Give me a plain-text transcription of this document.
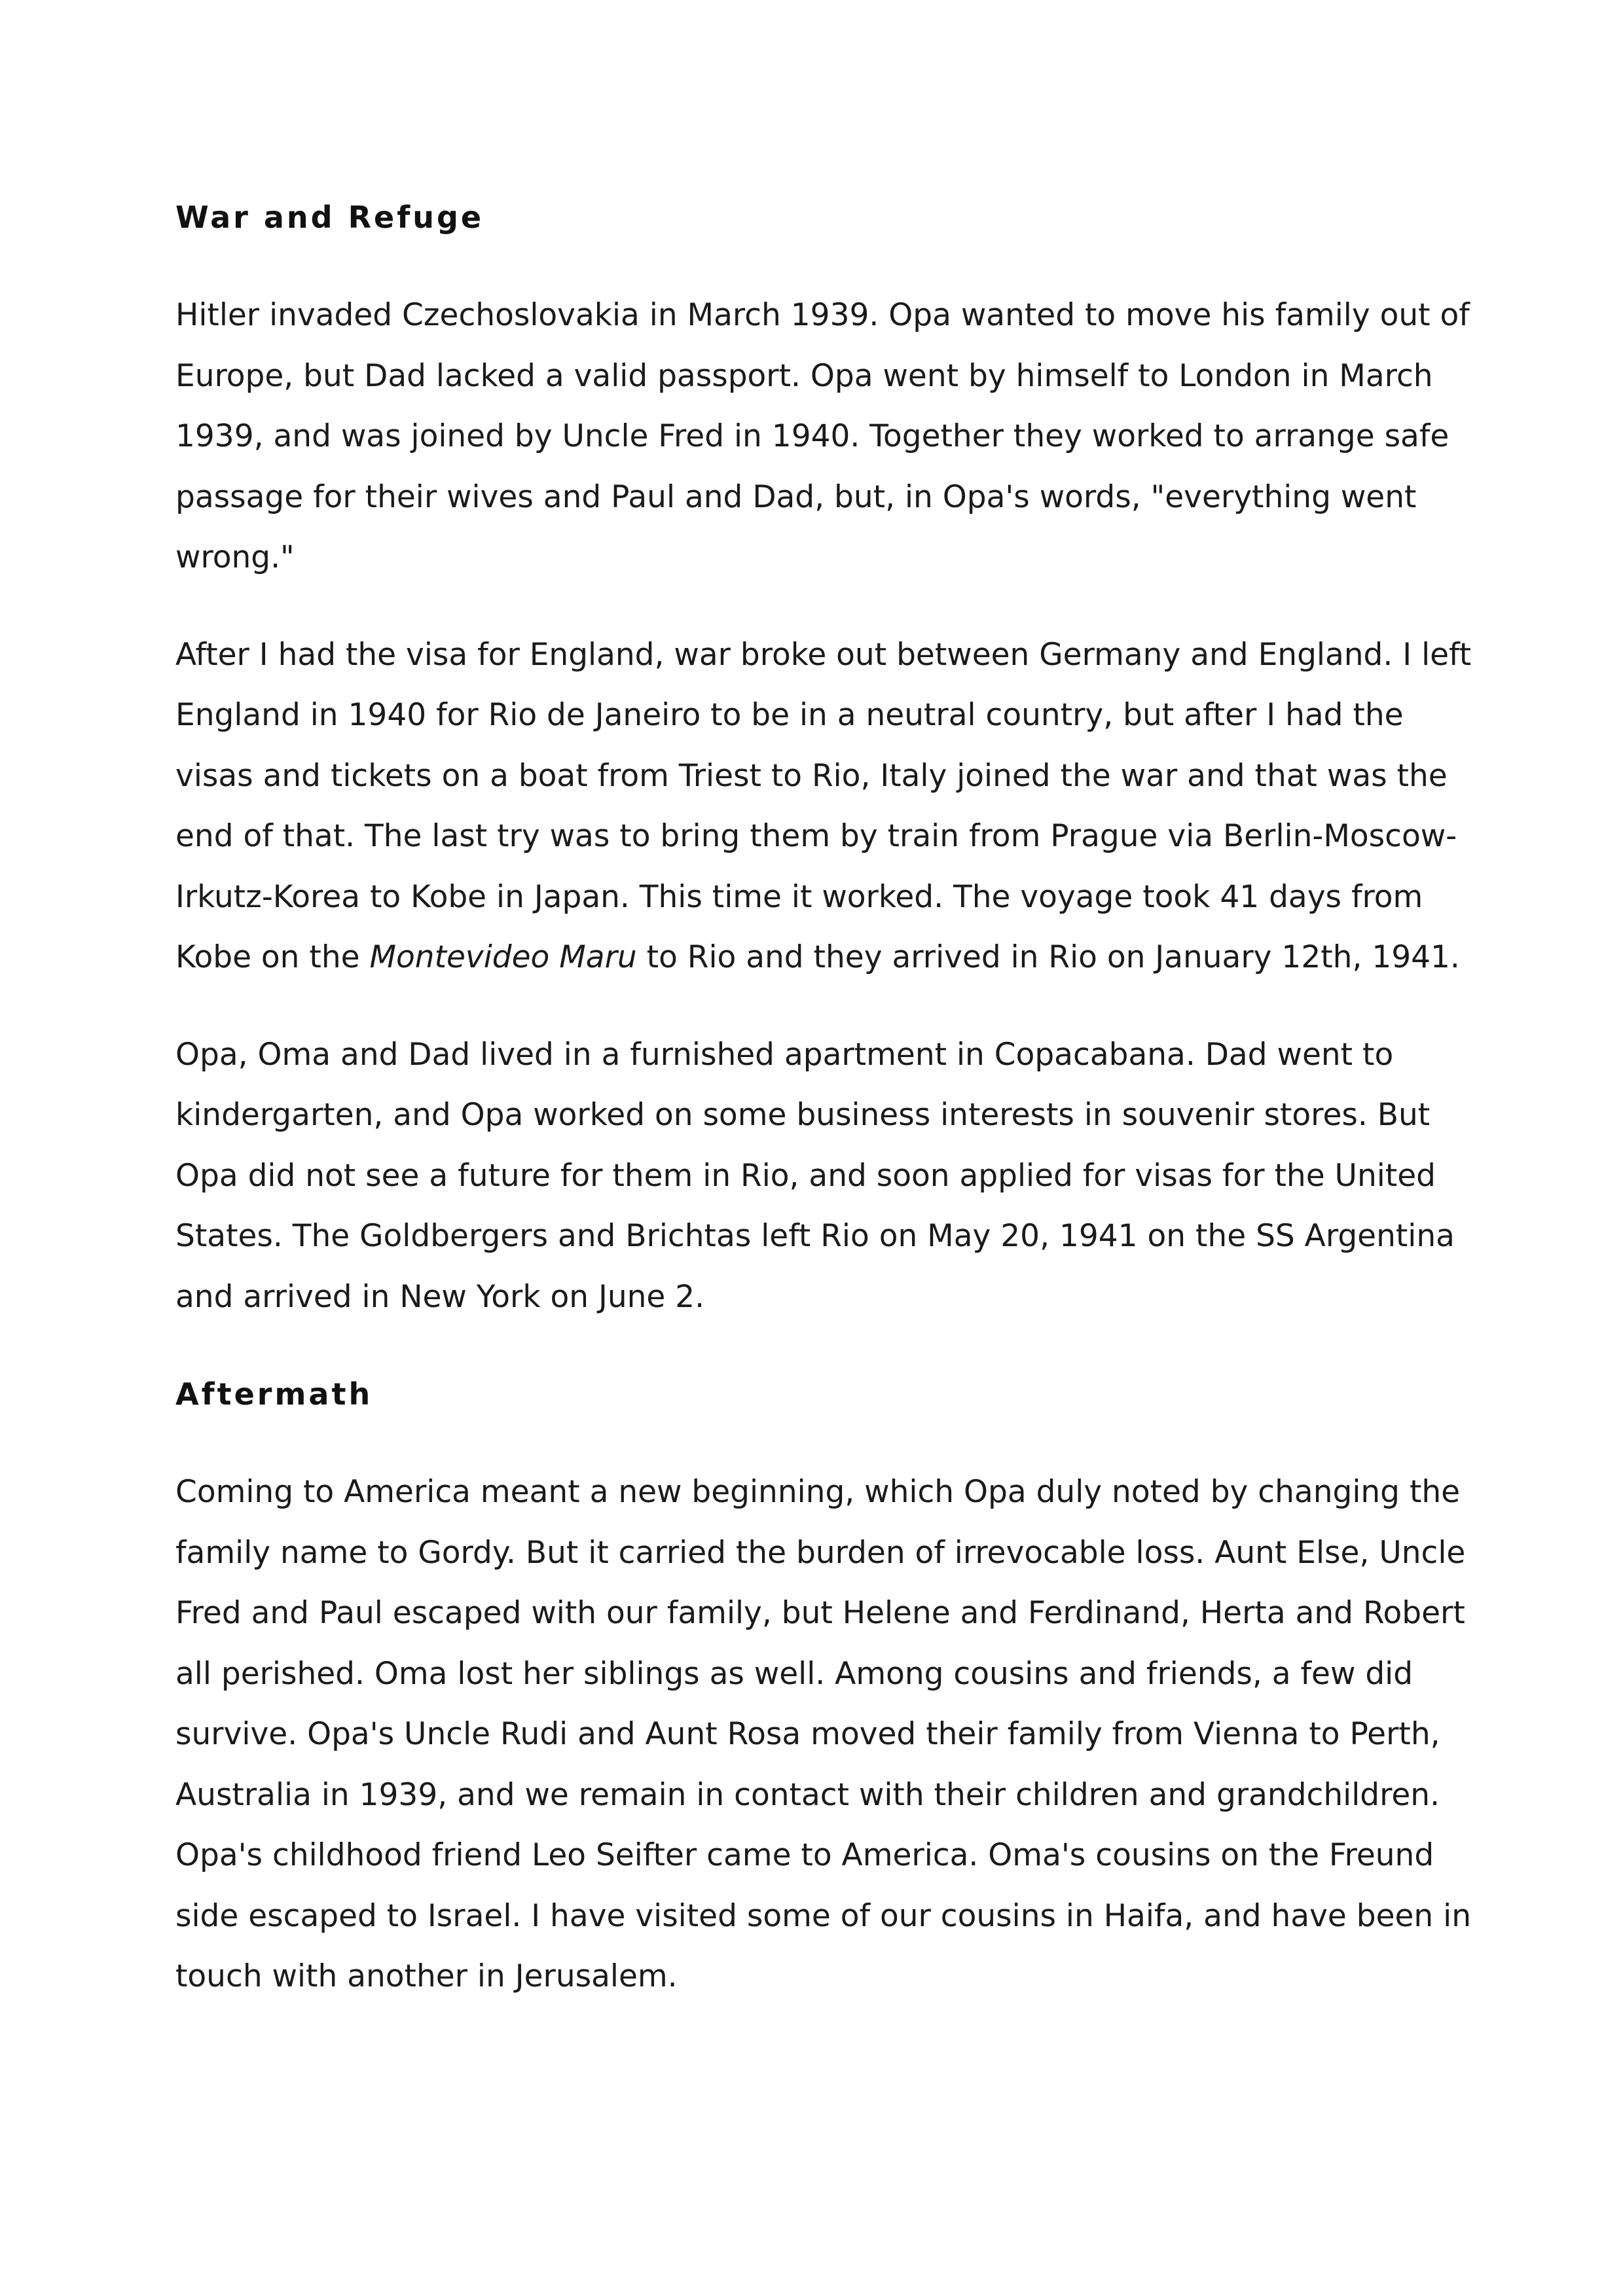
War and Refuge

Hitler invaded Czechoslovakia in March 1939. Opa wanted to move his family out of Europe, but Dad lacked a valid passport. Opa went by himself to London in March 1939, and was joined by Uncle Fred in 1940. Together they worked to arrange safe passage for their wives and Paul and Dad, but, in Opa's words, "everything went wrong."

After I had the visa for England, war broke out between Germany and England. I left England in 1940 for Rio de Janeiro to be in a neutral country, but after I had the visas and tickets on a boat from Triest to Rio, Italy joined the war and that was the end of that. The last try was to bring them by train from Prague via Berlin-Moscow-Irkutz-Korea to Kobe in Japan. This time it worked. The voyage took 41 days from Kobe on the Montevideo Maru to Rio and they arrived in Rio on January 12th, 1941.

Opa, Oma and Dad lived in a furnished apartment in Copacabana. Dad went to kindergarten, and Opa worked on some business interests in souvenir stores. But Opa did not see a future for them in Rio, and soon applied for visas for the United States. The Goldbergers and Brichtas left Rio on May 20, 1941 on the SS Argentina and arrived in New York on June 2.

Aftermath

Coming to America meant a new beginning, which Opa duly noted by changing the family name to Gordy. But it carried the burden of irrevocable loss. Aunt Else, Uncle Fred and Paul escaped with our family, but Helene and Ferdinand, Herta and Robert all perished. Oma lost her siblings as well. Among cousins and friends, a few did survive. Opa's Uncle Rudi and Aunt Rosa moved their family from Vienna to Perth, Australia in 1939, and we remain in contact with their children and grandchildren. Opa's childhood friend Leo Seifter came to America. Oma's cousins on the Freund side escaped to Israel. I have visited some of our cousins in Haifa, and have been in touch with another in Jerusalem.
